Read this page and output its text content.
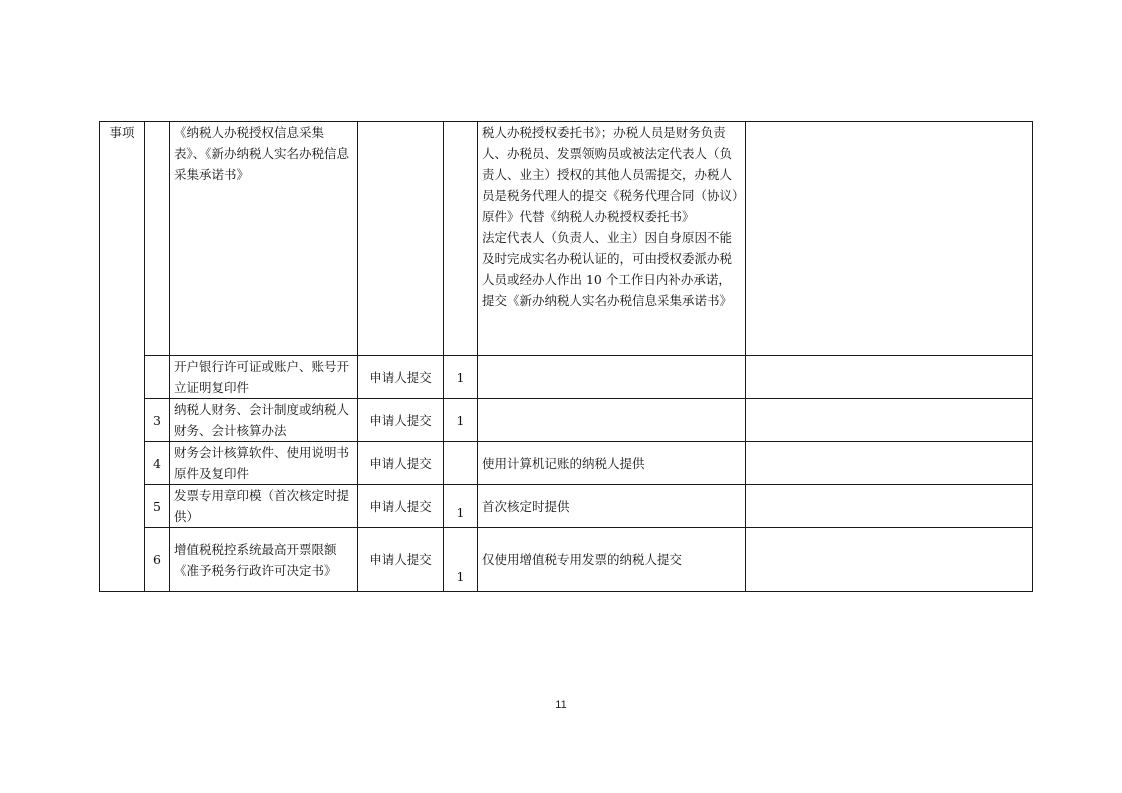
事项		《纳税人办税授权信息采集表》、《新办纳税人实名办税信息采集承诺书》			税人办税授权委托书》；办税人员是财务负责人、办税员、发票领购员或被法定代表人（负责人、业主）授权的其他人员需提交，办税人员是税务代理人的提交《税务代理合同（协议）原件》代替《纳税人办税授权委托书》
法定代表人（负责人、业主）因自身原因不能及时完成实名办税认证的，可由授权委派办税人员或经办人作出 10 个工作日内补办承诺，提交《新办纳税人实名办税信息采集承诺书》	

		开户银行许可证或账户、账号开立证明复印件	申请人提交	1		
	3	纳税人财务、会计制度或纳税人财务、会计核算办法	申请人提交	1		
	4	财务会计核算软件、使用说明书原件及复印件	申请人提交		使用计算机记账的纳税人提供	
	5	发票专用章印模（首次核定时提供）	申请人提交	1	首次核定时提供	
	6	增值税税控系统最高开票限额《准予税务行政许可决定书》	申请人提交	1	仅使用增值税专用发票的纳税人提交	
11
